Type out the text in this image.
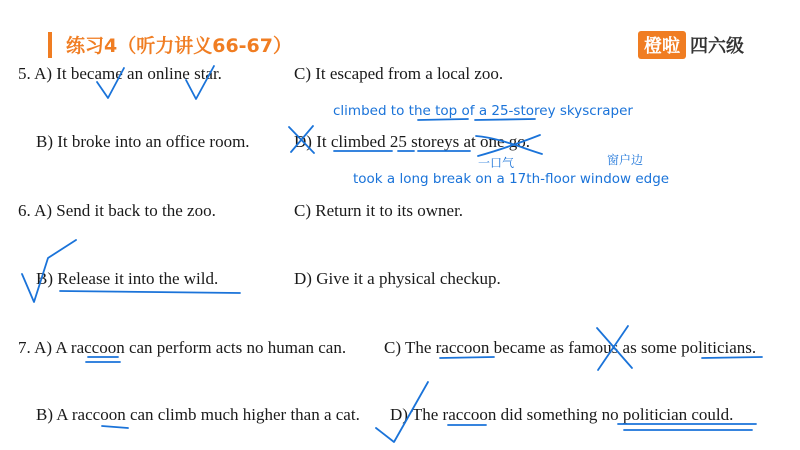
练习4（听力讲义66-67）	橙啦 四六级
5. A) It became an online star.	C) It escaped from a local zoo.
B) It broke into an office room.	D) It climbed 25 storeys at one go.
6. A) Send it back to the zoo.	C) Return it to its owner.
B) Release it into the wild.	D) Give it a physical checkup.
7. A) A raccoon can perform acts no human can. C) The raccoon became as famous as some politicians.
B) A raccoon can climb much higher than a cat. D) The raccoon did something no politician could.
climbed to the top of a 25-storey skyscraper
一口气	窗户边
took a long break on a 17th-floor window edge
